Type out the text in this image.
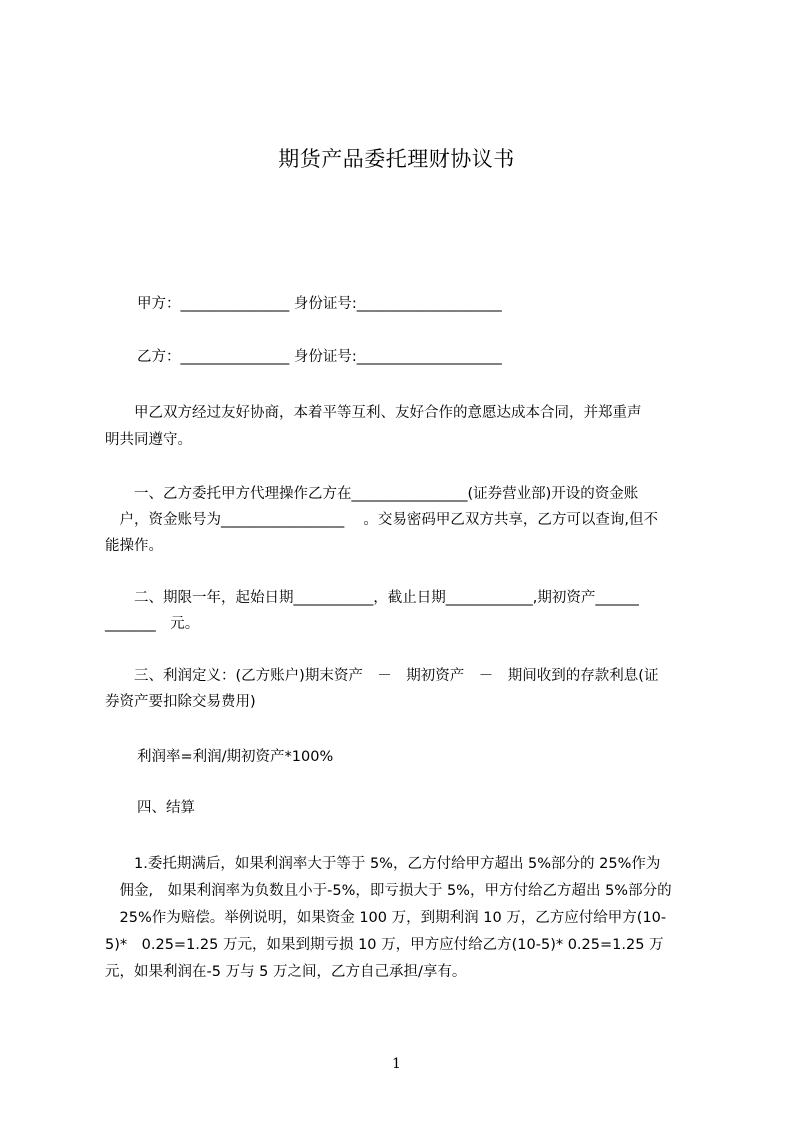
期货产品委托理财协议书
甲方：_______________ 身份证号:____________________
乙方：_______________ 身份证号:____________________
　　甲乙双方经过友好协商，本着平等互利、友好合作的意愿达成本合同，并郑重声
明共同遵守。
　　一、乙方委托甲方代理操作乙方在________________(证券营业部)开设的资金账
　户，资金账号为_________________　 。交易密码甲乙双方共享，乙方可以查询,但不
能操作。
　　二、期限一年，起始日期___________，截止日期____________,期初资产______
_______　元。
　　三、利润定义：(乙方账户)期末资产　－　期初资产　－　期间收到的存款利息(证
券资产要扣除交易费用)
利润率=利润/期初资产*100%
四、结算
　　1.委托期满后，如果利润率大于等于 5%，乙方付给甲方超出 5%部分的 25%作为
　佣金,　如果利润率为负数且小于-5%，即亏损大于 5%，甲方付给乙方超出 5%部分的
　25%作为赔偿。举例说明，如果资金 100 万，到期利润 10 万，乙方应付给甲方(10-
5)*　0.25=1.25 万元，如果到期亏损 10 万，甲方应付给乙方(10-5)* 0.25=1.25 万
元，如果利润在-5 万与 5 万之间，乙方自己承担/享有。
1
